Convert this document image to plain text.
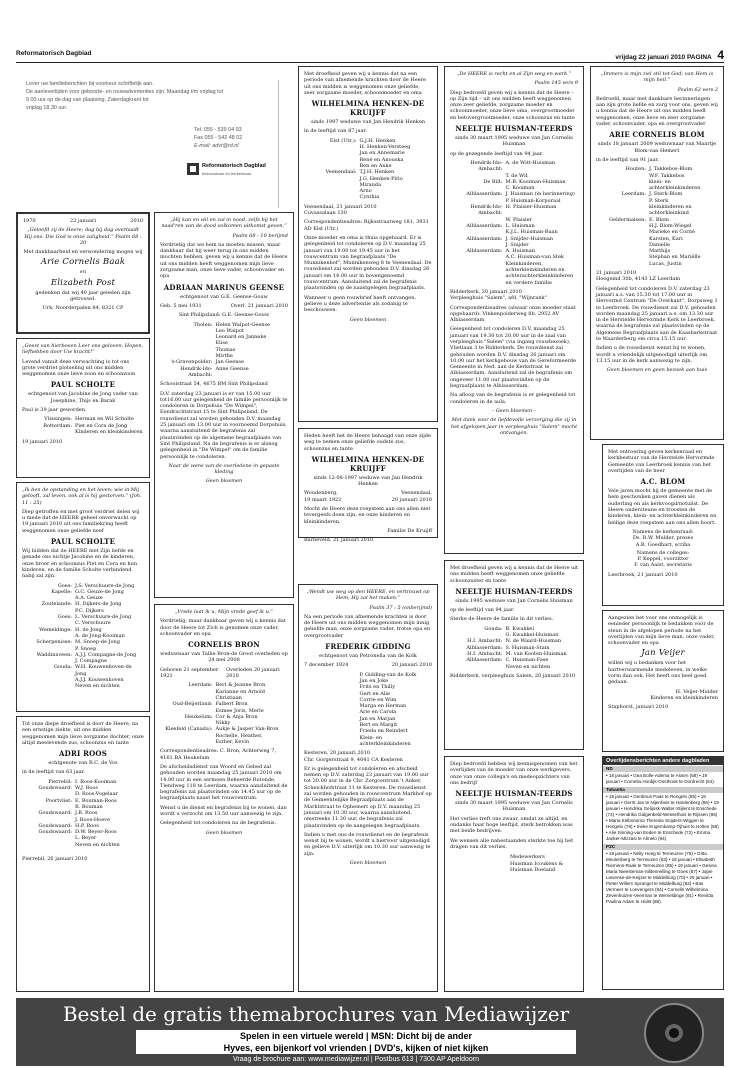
Reformatorisch Dagblad
vrijdag 22 januari 2010 PAGINA 4
Lever uw familieberichten bij voorkeur schriftelijk aan.
De aanleverlijden voor geboorte- en rouwadvertenties zijn: Maandag t/m vrijdag tot
9.00 uur op de dag van plaatsing. Zaterdagkrant tot
vrijdag 18.30 uur.
Tel. 055 - 539 04 93
Fax 055 - 542 48 02
E-mail: advt@rd.nl
Reformatorisch Dagblad
betrouwbaar en herkenbaar
1970	22 januari	2010

„Geloofd zij de Heere; dag bij dag overlaadt Hij ons. Die God is onze zaligheid.” Psalm 68 : 20

Met dankbaarheid en verwondering mogen wij

Arie Cornelis Baak
en
Elizabeth Post

gedenken dat wij 40 jaar geleden zijn getrouwd.

Urk, Noorderpalen 84, 8321 CP

„Geest van hierboven Leer ons geloven, Hopen, liefhebben door Uw kracht!”

Levend vanuit deze verwachting is tot ons grote verdriet plotseling uit ons midden weggenomen onze lieve zoon en schoonzoon

PAUL SCHOLTE

echtgenoot van Jacobine de Jong vader van Josephine, Thijs en Barak

Paul is 39 jaar geworden.

Vlissingen: Herman en Wil Scholte
Rotterdam: Piet en Cora de Jong
Kinderen en kleinkinderen

19 januari 2010

„Ik ben de opstanding en het leven; wie in Mij gelooft, zal leven, ook al is hij gestorven.” (Joh. 11 : 25)

Diep getroffen en met groot verdriet delen wij u mede dat de HEERE geheel onverwacht op 19 januari 2010 uit ons familiekring heeft weggenomen onze geliefde neef

PAUL SCHOLTE

Wij bidden dat de HEERE met Zijn liefde en genade ons nichtje Jacobine en de kinderen, onze broer en schoonzus Piet en Cora en hun kinderen, en de familie Scholte verbindend nabij zal zijn.

Goes: J.S. Verschuure-de Jong
Kapelle: G.C. Geuze-de Jong
A.A. Geuze
Zoutelande: H. Dijkers-de Jong
P.C. Dijkers
Goes: L. Verschuure-de Jong
C. Verschuure
Wemeldinge: H. de Jong
A. de Jong-Kooiman
Scherpenisse: M. Snoep-de Jong
P. Snoep
Waddinxveen: A.J.J. Compagne-de Jong
J. Compagne
Gouda: W.H. Kouwenhoven-de Jong
A.J.J. Kouwenhoven
Neven en nichten

Tot onze diepe droefheid is door de Heere, na een ernstige ziekte, uit ons midden weggenomen mijn lieve zorgzame dochter, onze altijd meelevende zus, schoonzus en tante

ADRI ROOS

echtgenote van R.C. de Vos

in de leeftijd van 63 jaar.

Pierrebil: I. Roos-Kooiman
Goudswaard: W.J. Roos
D. Roos-Vogelaar
Poortvliet: E. Bouman-Roos
B. Bouman
Goudswaard: J.B. Roos
J. Roos-Hoeve
Goudswaard: H.P. Roos
Goudswaard: D.W. Beyer-Roos
L. Beyer
Neven en nichten

Pierrebil, 26 januari 2010

„Hij kan en wil en zal in nood, zelfs bij het naad'ren van de dood volkomen uitkomst geven.”

Psalm 68 : 10 berijmd

Verdrietig dat we hem na moeten missen, maar dankbaar dat hij weer terug in ons midden mochten hebben, geven wij u kennis dat de Heere uit ons midden heeft weggenomen mijn lieve zorgzame man, onze lieve vader, schoonvader en opa

ADRIAAN MARINUS GEENSE

echtgenoot van G.E. Geense-Gouw

Geb. 5 mei 1931	Overl. 21 januari 2010

Sint Philipsland: G.E. Geense-Gouw

Tholen: Helen Walpot-Geense
Leo Walpot
Leonard en Janneke
Elise
Thomas
Mirthe
's-Gravenpolder: Jan Geense
Hendrik-Ido-Ambacht:
Anne Geense

Schoolstraat 54, 4675 BM Sint Philipsland

D.V. zaterdag 23 januari is er van 15.00 uur tot16.00 uur gelegenheid de familie persoonlijk te condoleren in Dorpshuis "De Wimpel", Eendrachtstraat 15 te Sint Philipsland. De rouwdienst zal worden gehouden D.V. maandag 25 januari om 13.00 uur in voornoemd Dorpshuis, waarna aansluitend de begrafenis zal plaatsvinden op de algemene begraafplaats van Sint Philipsland. Na de begrafenis is er alsnog gelegenheid in "De Wimpel" om de familie persoonlijk te condoleren.

Naar de wens van de overledene in gepaste kleding

Geen bloemen

„Vrede laat ik u, Mijn vrede geef ik u.”

Verdrietig, maar dankbaar geven wij u kennis dat door de Heere tot Zich is genomen onze vader, schoonvader en opa

CORNELIS BRON

weduwnaar van Tallie Bron-de Groot overleden op 24 mei 2008

Geboren 21 september 1921
Overleden 20 januari 2010
Leerdam: Bert & Jeanne Bron
Karianne en Arnold
Christiaan
Oud-Beijerland: Falbert Bron
Esmee Joris, Merle
Heukelum: Cor & Anja Bron
Nikky
Kleefeld (Canada): Aukje & Jasper Van-Bron
Rochelle, Heather,
Esther, Kevin

Correspondentieadres: C. Bron, Achterweg 7, 4161 BA Heukelum

De afscheidsdienst van Woord en Gebed zal gehouden worden maandag 25 januari 2010 om 14.00 uur in een sermoen Beheerde Rotonde, Tiendweg 118 te Leerdam, waarna aansluitend de begrafenis zal plaatsvinden om 14.45 uur op de begraafplaats naast het rouwcentrum.

Wenst u de dienst en begrafenis bij te wonen, dan wordt u verzocht om 13.50 uur aanwezig te zijn.

Gelegenheid tot condoleren na de begrafenis.

Geen bloemen

Met droefheid geven wij u kennis dat na een periode van afnemende krachten door de Heere uit ons midden is weggenomen onze geliefde, zeer zorgzame moeder, schoonmoeder en oma

WILHELMINA HENKEN-DE KRUIJFF

sinds 1997 weduwe van Jan Hendrik Henken

in de leeftijd van 87 jaar.

Elst (Utr.): G.J.H. Henken
H. Henken-Versteeg
Jan en Annemarie
René en Anouska
Ben en Anke
Veenendaal: T.J.H. Henken
J.G. Henken-Pitlo
Miranda
Arno
Cynthia

Veenendaal, 21 januari 2010

Cuvassalaan 130

Correspondentieadres: Rijksstraatweg 181, 3931 AD Elst (Utr.)

Onze moeder en oma is thuis opgebaard. Er is gelegenheid tot condoleren op D.V. maandag 25 januari van 19.00 tot 19.45 uur in het rouwcentrum van begraafplaats "De Munnikenhof", Munnikenweg 8 te Veenendaal. De rouwdienst zal worden gehouden D.V. dinsdag 26 januari om 14.00 uur in bovengenoemd rouwcentrum. Aansluitend zal de begrafenis plaatsvinden op de naastgelegen begraafplaats.

Wanneer u geen rouwbrief heeft ontvangen, gelieve u deze advertentie als zodanig te beschouwen.

Geen bloemen

Heden heeft het de Heere behaagd van onze zijde weg te nemen onze geliefde oudste zus, schoonzus en tante

WILHELMINA HENKEN-DE KRUIJFF

sinds 12-08-1997 weduwe van Jan Hendrik Henken

Woudenberg,
19 maart 1922
Veenendaal,
20 januari 2010

Mocht de Heere deze roepstem aan ons allen niet tevergeefs doen zijn, en onze kinderen en kleinkinderen.

Familie De Kruijff

Barneveld, 21 januari 2010

„Wendt uw weg op den HEERE, en vertrouwt op Hem; Hij zal het maken.”

Psalm 37 : 5 (onberijmd)

Na een periode van afnemende krachten is door de Heere uit ons midden weggenomen mijn innig geliefde man, onze zorgzame vader, trotse opa en overgrootvader

FREDERIK GIDDING

echtgenoot van Petronella van de Kolk

7 december 1924	20 januari 2010
P. Gidding-van de Kolk
Jan en Joke
Frits en Thilly
Gert en Alie
Corrie en Wim
Marga en Herman
Arie en Carola
Jan en Marjan
Bert en Margit
Frieda en Reindert
Klein- en achterkleinkinderen

Kesteren, 20 januari 2010

Chr. Gorgerstraat 9, 4041 CA Kesteren

Er is gelegenheid tot condoleren en afscheid nemen op D.V. zaterdag 23 januari van 19.00 uur tot 20.00 uur in de Chr. Zorgcentrum 't Anker, Scheickhofstraat 11 te Kesteren. De rouwdienst zal worden gehouden in rouwcentrum Markhof op de Gemeentelijke Begraafplaats aan de Marktstraat te Ophemert op D.V. maandag 25 januari om 10.30 uur, waarna aansluitend, omstreeks 11.30 uur, de begrafenis zal plaatsvinden op de aangelegen begraafplaats.

Indien u met ons de rouwdienst en de begrafenis wenst bij te wonen, wordt u hiervoor uitgenodigd en gelieve D.V. uiterlijk om 10.30 uur aanwezig te zijn.

Geen bloemen

„De HEERE is recht en al Zijn weg en werk.”

Psalm 145 vers 9

Diep bedroefd geven wij u kennis dat de Heere – op Zijn tijd – uit ons midden heeft weggenomen onze zeer geliefde, zorgzame moeder en schoonmoeder, onze lieve oma, overgrootmoeder en betovergrootmoeder, onze schoonzus en tante

NEELTJE HUISMAN-TEERDS

sinds 30 maart 1995 weduwe van Jan Cornelis Huisman

op de gezegende leeftijd van 94 jaar.

Hendrik-Ido-Ambacht:
A. de Witt-Huisman
T. de Wit
De Bilt: M.B. Kooiman-Huisman
C. Kooiman
Alblasserdam: J. Huisman (in herinnering)
P. Huisman-Korporaal
Hendrik-Ido-Ambacht:
H. Plaisier-Huisman
W. Plaisier
Alblasserdam: L. Huisman
K.J.L. Huisman-Baan
Alblasserdam: J. Snijder-Huisman
J. Snijder
Alblasserdam: A. Huisman
A.C. Huisman-van Stek
Kleinkinderen, achterkleinkinderen en achterachterkleinkinderen en verdere familie

Ridderkerk, 20 januari 2010

Verpleeghuis "Salem", afd. "Wijnrank"

Correspondentieadres (alwaar onze moeder staat opgebaard): Vinkenpolderweg 8b, 2952 AV Alblasserdam

Gelegenheid tot condoleren D.V. maandag 25 januari van 19.30 tot 20.00 uur in de zaal van verpleeghuis "Salem" (via ingang rouwbezoek), Vlietlaan 3 te Ridderkerk. De rouwdienst zal gehouden worden D.V. dinsdag 26 januari om 10.00 uur het kerkgebouw van de Gereformeerde Gemeente in Ned. aan de Kerkstraat te Alblasserdam. Aansluitend zal de begrafenis om ongeveer 11.00 uur plaatsvinden op de begraafplaats te Alblasserdam.

Na afloop van de begrafenis is er gelegenheid tot condoleren in de aula.

– Geen bloemen –

Met dank voor de liefdevolle verzorging die zij in het afgelopen jaar in verpleeghuis "Salem" mocht ontvangen.

Met droefheid geven wij u kennis dat de Heere uit ons midden heeft weggenomen onze geliefde schoonzuster en tante

NEELTJE HUISMAN-TEERDS

sinds 1995 weduwe van Jan Cornelis Huisman

op de leeftijd van 94 jaar.

Sterke de Heere de familie in dit verlies.

Gouda: B. Kwakkel
G. Kwakkel-Huisman
H.I. Ambacht: N. de Waard-Huisman
Alblasserdam: S. Huisman-Stam
H.I. Ambacht: M. van Kooten-Huisman
Alblasserdam: C. Huisman-Fase
Neven en nichten

Ridderkerk, verpleeghuis Salem, 20 januari 2010

Diep bedroefd hebben wij kennisgenomen van het overlijden van de moeder van onze werkgevers, onze van onze collega's en medeopzichters van ons bedrijf

NEELTJE HUISMAN-TEERDS

sinds 30 maart 1995 weduwe van Jan Cornelis Huisman

Het verlies treft ons zwaar, omdat ze altijd, en ondanks haar hoge leeftijd, sterk betrokken was met beide bedrijven.

We wensen alle nabestaanden sterkte toe bij het dragen van dit verlies.

Medewerkers
Huisman Icoukens &
Huisman Doeland

„Immers is mijn ziel stil tot God; van Hem is mijn heil.”

Psalm 62 vers 2

Bedroefd, maar met dankbare herinneringen aan zijn grote liefde en zorg voor ons, geven wij u kennis dat de Heere uit ons midden heeft weggenomen, onze lieve en zeer zorgzame vader, schoonvader, opa en overgrootvader

ARIE CORNELIS BLOM

sinds 18 januari 2009 weduwnaar van Maartje Blom-van Hemert

in de leeftijd van 91 jaar.

Houten: J. Takkebos-Blom
W.F. Takkebos
klein- en achterkleinkinderen
Leerdam: J. Sterk-Blom
P. Sterk
kleinkinderen en achterkleinkind
Geldermalsen: E. Blom
H.J. Blom-Wiegel
Marieke en Corné
Karsten, Kari
Danielle
Matthijs
Stephan en Mariëlle
Lucas, Justin

21 januari 2010

Hoogeind 30b, 4143 LZ Leerdam

Gelegenheid tot condoleren D.V. zaterdag 23 januari a.s. van 15.30 tot 17.00 uur in Hervormd Centrum "De Overkant", Dorpsweg 1 te Leerbroek. De rouwdienst zal D.V. gehouden worden maandag 25 januari a.s. om 13.30 uur in de Herstelde Hervormde Kerk te Leerbroek, waarna de begrafenis zal plaatsvinden op de Algemene Begraafplaats aan de Kaasbarkstraat te Waarderberg om circa 15.15 uur.

Indien u de rouwdienst wenst bij te wonen, wordt u vriendelijk uitgenodigd uiterlijk om 13.15 uur in de kerk aanwezig te zijn.

Geen bloemen en geen bezoek aan huis

Met ontroering geven kerkenraad en kerkbestuur van de Herstelde Hervormde Gemeente van Leerbroek kennis van het overlijden van de heer

A.C. BLOM

Vele jaren mocht hij de gemeente met de hem geschonken gaven dienen als ouderling en als kerkvoogd/notulist. De Heere ondersteune en troosten de kinderen, klein- en achterkleinkinderen en heilige deze roepstem aan ons allen hoort.

Namens de kerkenraad:
Ds. R.W. Mulder, preses
A.B. Goedhart, scriba
Namens de colleges:
P. Keppel, voorzitter
F. van Aalst, secretaris

Leerbroek, 21 januari 2010

Aangezien het voor ons onmogelijk is eenieder persoonlijk te bedanken voor de steun in de afgelopen periode na het overlijden van mijn lieve man, onze vader, schoonvader en opa

Jan Veijer

willen wij u bedanken voor het hartverwarmende medeleven, in welke vorm dan ook. Het heeft ons heel goed gedaan.

H. Veijer-Mulder
Kinderen en kleinkinderen

Staphorst, januari 2010

Overlijdensberichten andere dagbladen
ND
• 18 januari • Gea Bolle-Adema te Assen (58) • 19 januari • Cornelia Hordijk-Oosthoek te Dordrecht (64).
Tubantia
• 15 januari • Gerdinus Paas te Rengelo (85) • 18 januari • Gerrit Jan te Nijenheis te Hardenberg (86) • 19 januari • Hendrika Gelijnsk-Walter-Stijlent te Enschede (74) • Hendrika Galgenbeld-Wesselhuis te Rijssen (86) • Maria Kelbonsma Theresia Snijders-Wiggen te Hengelo (79) • Ineke Engemkamp-Tijhuis te Holten (58) • Alie Sinning-van Eeden te Enschede (72) • Emma Janker-Mizzasi te Almelo (94).
PZC
• 18 januari • Nelly Hoeg te Terneuzen (76) • Gitta Meulenberg te Terneuzen (53) • 18 januari • Elisabeth Riemens-Raak te Terneuzen (85) • 19 januari • Gesina Maria Nieesteman-Silitenreilling te Goes (87) • Jopie Lievense-de-Keijzer te Middelburg (70) • 20 januari • Pieter Willem Sprangel te Middelburg (82) • Bas Vermeer te Loevengers (94) • Cornelis Wilhelmina Zevenhuizen-Veerman te Wemeldinge (91) • Renilda Paulina Adam te Hulst (88).
Bestel de gratis themabrochures van Mediawijzer
Spelen in een virtuele wereld | MSN: Dicht bij de ander
Hyves, een bijenkorf vol vrienden | DVD's, kijken of niet kijken
Vraag de brochure aan: www.mediawijzer.nl | Postbus 613 | 7300 AP Apeldoorn
